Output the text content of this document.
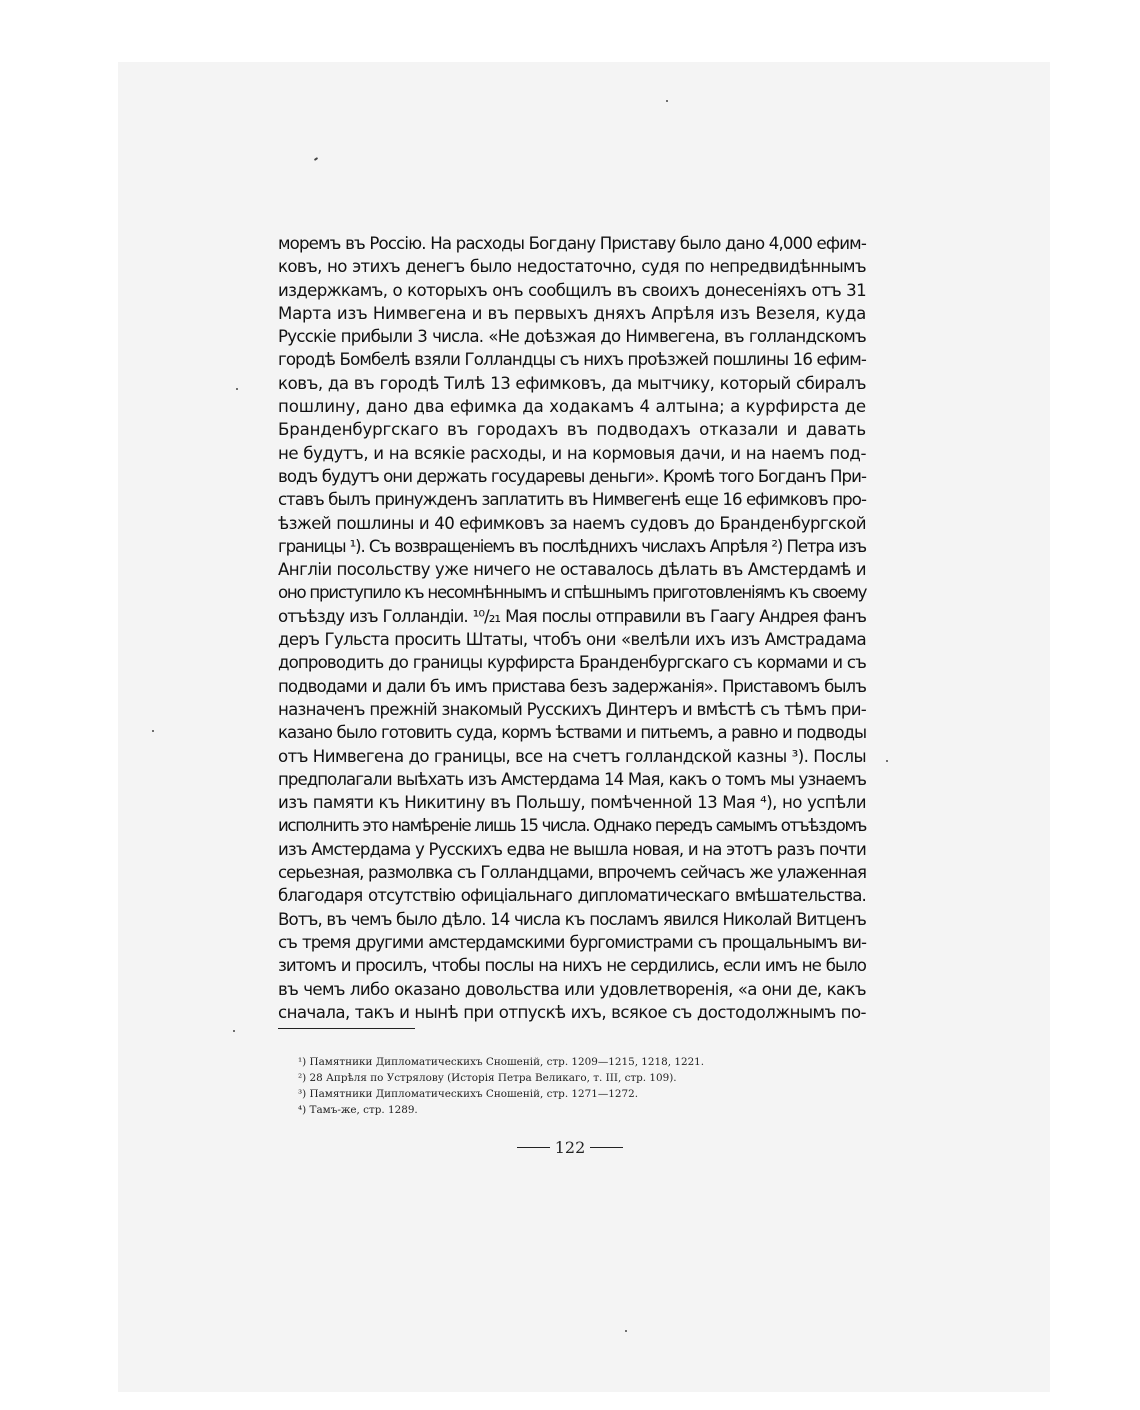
моремъ въ Россію. На расходы Богдану Приставу было дано 4,000 ефим-
ковъ, но этихъ денегъ было недостаточно, судя по непредвидѣннымъ
издержкамъ, о которыхъ онъ сообщилъ въ своихъ донесеніяхъ отъ 31
Марта изъ Нимвегена и въ первыхъ дняхъ Апрѣля изъ Везеля, куда
Русскіе прибыли 3 числа. «Не доѣзжая до Нимвегена, въ голландскомъ
городѣ Бомбелѣ взяли Голландцы съ нихъ проѣзжей пошлины 16 ефим-
ковъ, да въ городѣ Тилѣ 13 ефимковъ, да мытчику, который сбиралъ
пошлину, дано два ефимка да ходакамъ 4 алтына; а курфирста де
Бранденбургскаго въ городахъ въ подводахъ отказали и давать
не будутъ, и на всякіе расходы, и на кормовыя дачи, и на наемъ под-
водъ будутъ они держать государевы деньги». Кромѣ того Богданъ При-
ставъ былъ принужденъ заплатить въ Нимвегенѣ еще 16 ефимковъ про-
ѣзжей пошлины и 40 ефимковъ за наемъ судовъ до Бранденбургской
границы ¹). Съ возвращеніемъ въ послѣднихъ числахъ Апрѣля ²) Петра изъ
Англіи посольству уже ничего не оставалось дѣлать въ Амстердамѣ и
оно приступило къ несомнѣннымъ и спѣшнымъ приготовленіямъ къ своему
отъѣзду изъ Голландіи. ¹⁰/₂₁ Мая послы отправили въ Гаагу Андрея фанъ
деръ Гульста просить Штаты, чтобъ они «велѣли ихъ изъ Амстрадама
допроводить до границы курфирста Бранденбургскаго съ кормами и съ
подводами и дали бъ имъ пристава безъ задержанія». Приставомъ былъ
назначенъ прежній знакомый Русскихъ Динтеръ и вмѣстѣ съ тѣмъ при-
казано было готовить суда, кормъ ѣствами и питьемъ, а равно и подводы
отъ Нимвегена до границы, все на счетъ голландской казны ³). Послы
предполагали выѣхать изъ Амстердама 14 Мая, какъ о томъ мы узнаемъ
изъ памяти къ Никитину въ Польшу, помѣченной 13 Мая ⁴), но успѣли
исполнить это намѣреніе лишь 15 числа. Однако передъ самымъ отъѣздомъ
изъ Амстердама у Русскихъ едва не вышла новая, и на этотъ разъ почти
серьезная, размолвка съ Голландцами, впрочемъ сейчасъ же улаженная
благодаря отсутствію офиціальнаго дипломатическаго вмѣшательства.
Вотъ, въ чемъ было дѣло. 14 числа къ посламъ явился Николай Витценъ
съ тремя другими амстердамскими бургомистрами съ прощальнымъ ви-
зитомъ и просилъ, чтобы послы на нихъ не сердились, если имъ не было
въ чемъ либо оказано довольства или удовлетворенія, «а они де, какъ
сначала, такъ и нынѣ при отпускѣ ихъ, всякое съ достодолжнымъ по-
¹) Памятники Дипломатическихъ Сношеній, стр. 1209—1215, 1218, 1221.
²) 28 Апрѣля по Устрялову (Исторія Петра Великаго, т. III, стр. 109).
³) Памятники Дипломатическихъ Сношеній, стр. 1271—1272.
⁴) Тамъ-же, стр. 1289.
122
